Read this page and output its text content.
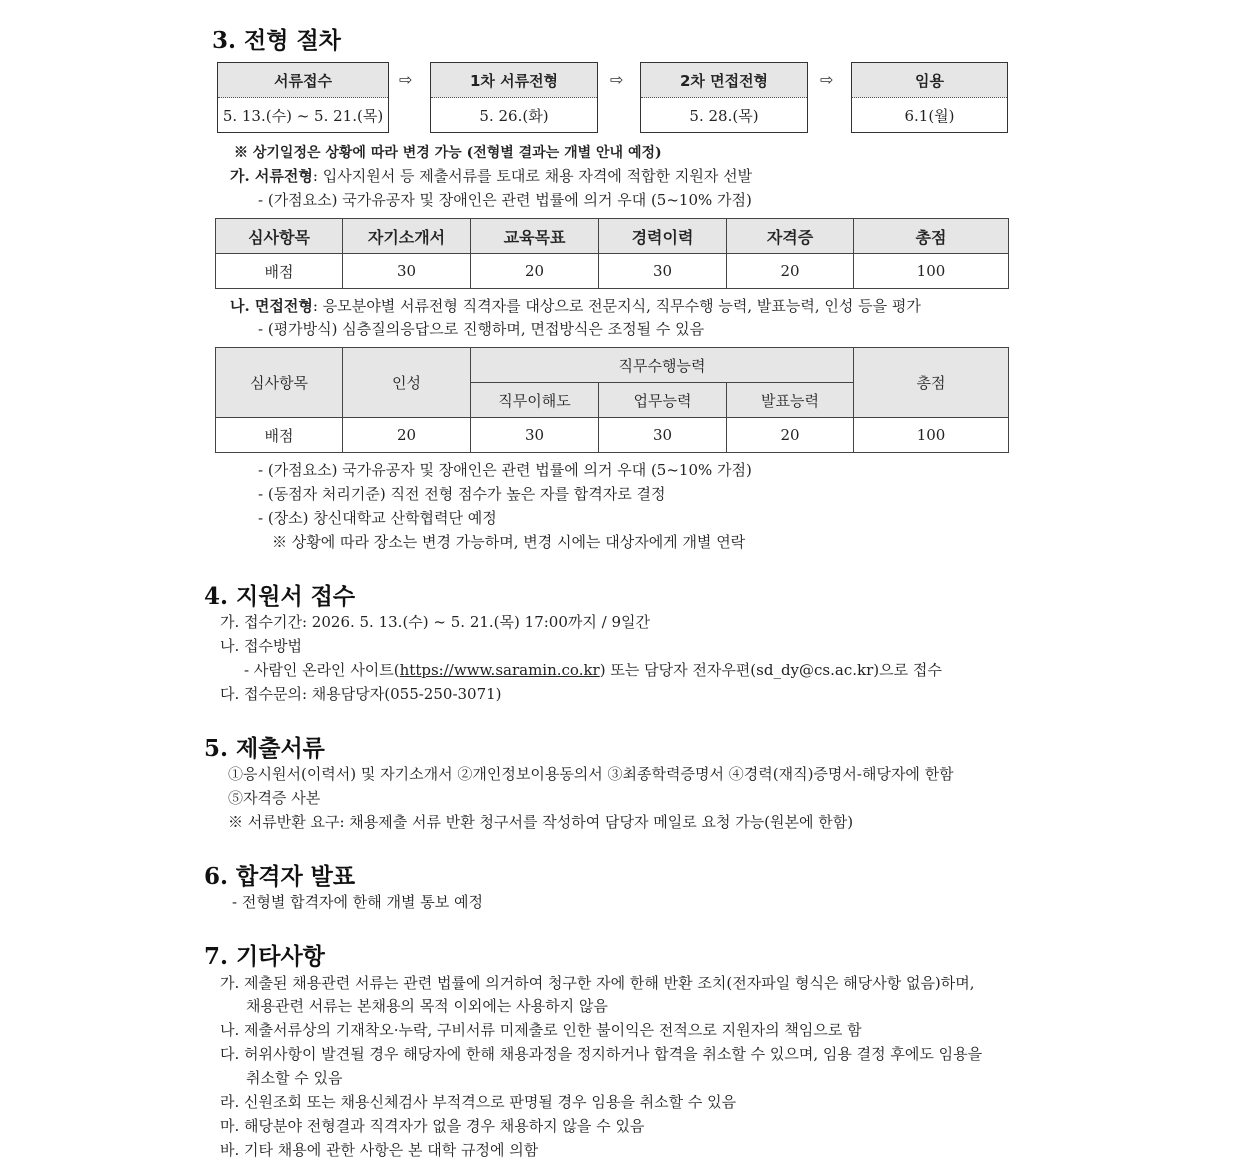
3. 전형 절차
서류접수
5. 13.(수) ~ 5. 21.(목)
⇨	1차 서류전형
5. 26.(화)
⇨	2차 면접전형
5. 28.(목)
⇨	임용
6.1(월)
※ 상기일정은 상황에 따라 변경 가능 (전형별 결과는 개별 안내 예정)
가. 서류전형: 입사지원서 등 제출서류를 토대로 채용 자격에 적합한 지원자 선발
- (가점요소) 국가유공자 및 장애인은 관련 법률에 의거 우대 (5~10% 가점)
심사항목	자기소개서	교육목표	경력이력	자격증	총점
배점	30	20	30	20	100
나. 면접전형: 응모분야별 서류전형 직격자를 대상으로 전문지식, 직무수행 능력, 발표능력, 인성 등을 평가
- (평가방식) 심층질의응답으로 진행하며, 면접방식은 조정될 수 있음
심사항목	인성	직무수행능력			총점
		직무이해도	업무능력	발표능력	
배점	20	30	30	20	100
- (가점요소) 국가유공자 및 장애인은 관련 법률에 의거 우대 (5~10% 가점)
- (동점자 처리기준) 직전 전형 점수가 높은 자를 합격자로 결정
- (장소) 창신대학교 산학협력단 예정
※ 상황에 따라 장소는 변경 가능하며, 변경 시에는 대상자에게 개별 연락
4. 지원서 접수
가. 접수기간: 2026. 5. 13.(수) ~ 5. 21.(목) 17:00까지 / 9일간
나. 접수방법
- 사람인 온라인 사이트(https://www.saramin.co.kr) 또는 담당자 전자우편(sd_dy@cs.ac.kr)으로 접수
다. 접수문의: 채용담당자(055-250-3071)
5. 제출서류
①응시원서(이력서) 및 자기소개서 ②개인정보이용동의서 ③최종학력증명서 ④경력(재직)증명서-해당자에 한함
⑤자격증 사본
※ 서류반환 요구: 채용제출 서류 반환 청구서를 작성하여 담당자 메일로 요청 가능(원본에 한함)
6. 합격자 발표
- 전형별 합격자에 한해 개별 통보 예정
7. 기타사항
가. 제출된 채용관련 서류는 관련 법률에 의거하여 청구한 자에 한해 반환 조치(전자파일 형식은 해당사항 없음)하며,
채용관련 서류는 본채용의 목적 이외에는 사용하지 않음
나. 제출서류상의 기재착오·누락, 구비서류 미제출로 인한 불이익은 전적으로 지원자의 책임으로 함
다. 허위사항이 발견될 경우 해당자에 한해 채용과정을 정지하거나 합격을 취소할 수 있으며, 임용 결정 후에도 임용을
취소할 수 있음
라. 신원조회 또는 채용신체검사 부적격으로 판명될 경우 임용을 취소할 수 있음
마. 해당분야 전형결과 직격자가 없을 경우 채용하지 않을 수 있음
바. 기타 채용에 관한 사항은 본 대학 규정에 의함
